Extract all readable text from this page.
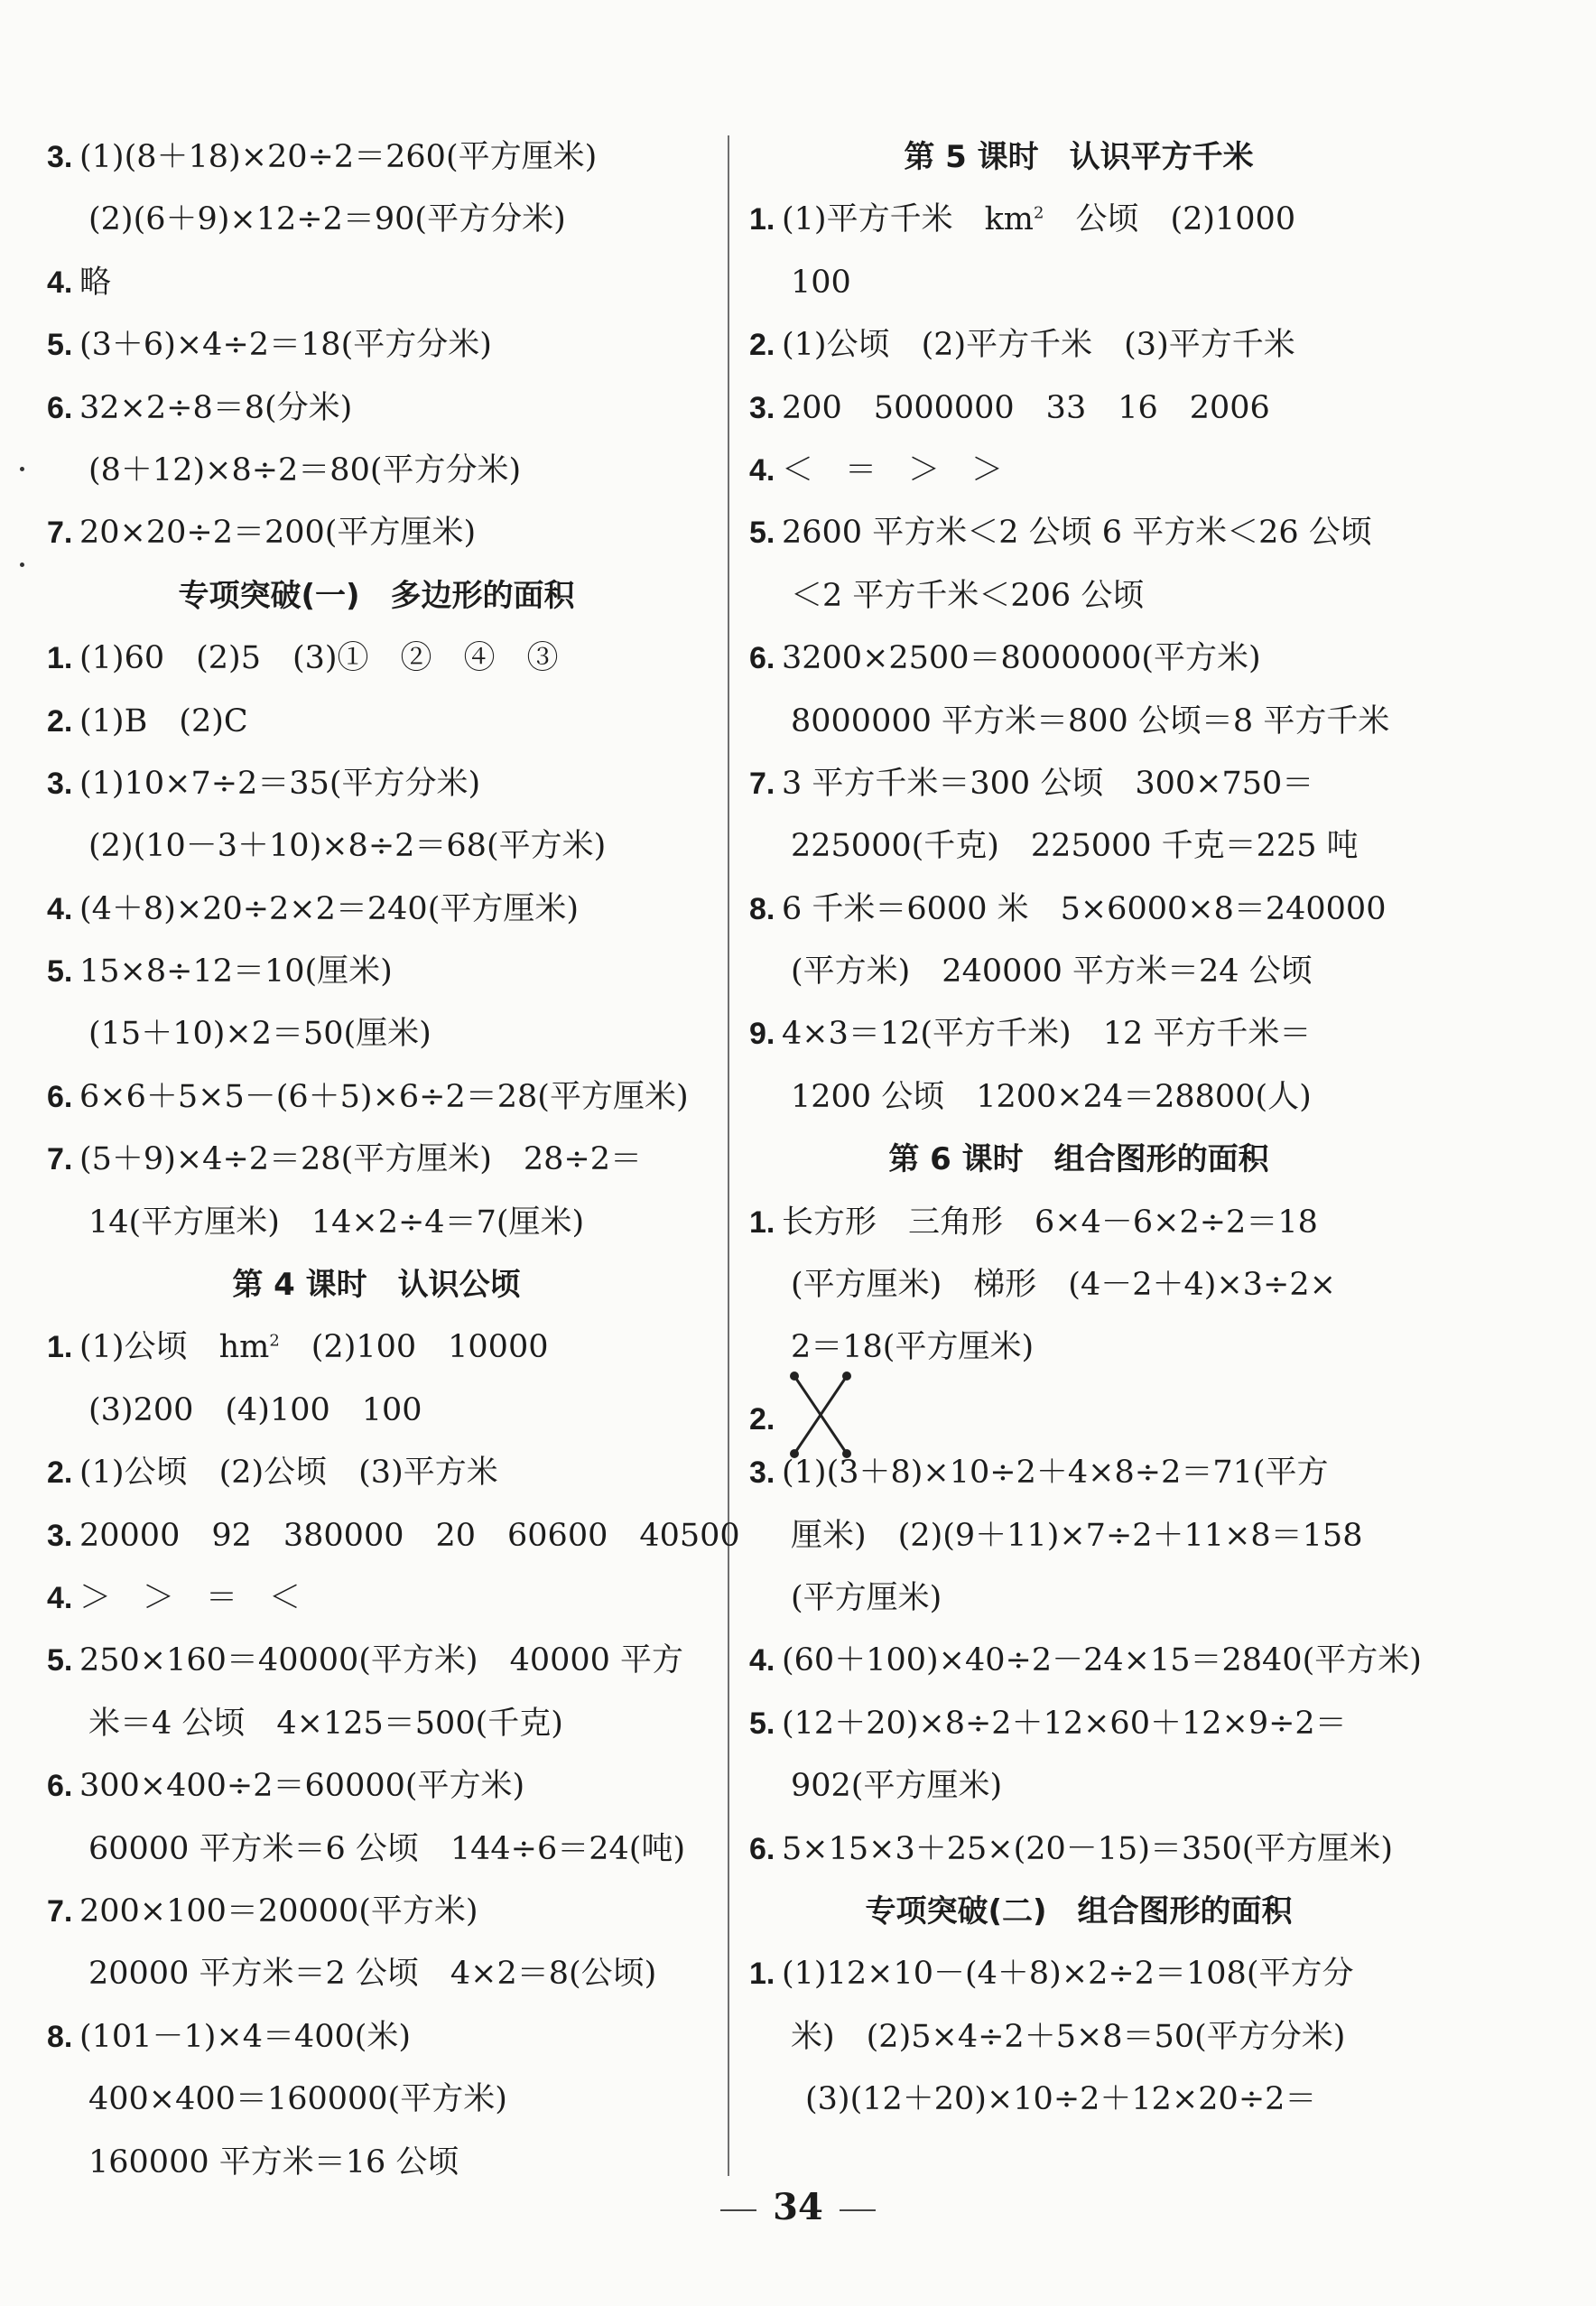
3. (1)(8＋18)×20÷2＝260(平方厘米)
(2)(6＋9)×12÷2＝90(平方分米)
4. 略
5. (3＋6)×4÷2＝18(平方分米)
6. 32×2÷8＝8(分米)
(8＋12)×8÷2＝80(平方分米)
7. 20×20÷2＝200(平方厘米)
专项突破(一)　多边形的面积
1. (1)60　(2)5　(3)①　②　④　③
2. (1)B　(2)C
3. (1)10×7÷2＝35(平方分米)
(2)(10－3＋10)×8÷2＝68(平方米)
4. (4＋8)×20÷2×2＝240(平方厘米)
5. 15×8÷12＝10(厘米)
(15＋10)×2＝50(厘米)
6. 6×6＋5×5－(6＋5)×6÷2＝28(平方厘米)
7. (5＋9)×4÷2＝28(平方厘米)　28÷2＝
14(平方厘米)　14×2÷4＝7(厘米)
第 4 课时　认识公顷
1. (1)公顷　$hm^2$　(2)100　10000
(3)200　(4)100　100
2. (1)公顷　(2)公顷　(3)平方米
3. 20000　92　380000　20　60600　40500
4. ＞　＞　＝　＜
5. 250×160＝40000(平方米)　40000 平方
米＝4 公顷　4×125＝500(千克)
6. 300×400÷2＝60000(平方米)
60000 平方米＝6 公顷　144÷6＝24(吨)
7. 200×100＝20000(平方米)
20000 平方米＝2 公顷　4×2＝8(公顷)
8. (101－1)×4＝400(米)
400×400＝160000(平方米)
160000 平方米＝16 公顷
第 5 课时　认识平方千米
1. (1)平方千米　$km^2$　公顷　(2)1000
100
2. (1)公顷　(2)平方千米　(3)平方千米
3. 200　5000000　33　16　2006
4. ＜　＝　＞　＞
5. 2600 平方米＜2 公顷 6 平方米＜26 公顷
＜2 平方千米＜206 公顷
6. 3200×2500＝8000000(平方米)
8000000 平方米＝800 公顷＝8 平方千米
7. 3 平方千米＝300 公顷　300×750＝
225000(千克)　225000 千克＝225 吨
8. 6 千米＝6000 米　5×6000×8＝240000
(平方米)　240000 平方米＝24 公顷
9. 4×3＝12(平方千米)　12 平方千米＝
1200 公顷　1200×24＝28800(人)
第 6 课时　组合图形的面积
1. 长方形　三角形　6×4－6×2÷2＝18
(平方厘米)　梯形　(4－2＋4)×3÷2×
2＝18(平方厘米)
2.
3. (1)(3＋8)×10÷2＋4×8÷2＝71(平方
厘米)　(2)(9＋11)×7÷2＋11×8＝158
(平方厘米)
4. (60＋100)×40÷2－24×15＝2840(平方米)
5. (12＋20)×8÷2＋12×60＋12×9÷2＝
902(平方厘米)
6. 5×15×3＋25×(20－15)＝350(平方厘米)
专项突破(二)　组合图形的面积
1. (1)12×10－(4＋8)×2÷2＝108(平方分
米)　(2)5×4÷2＋5×8＝50(平方分米)
(3)(12＋20)×10÷2＋12×20÷2＝
34
